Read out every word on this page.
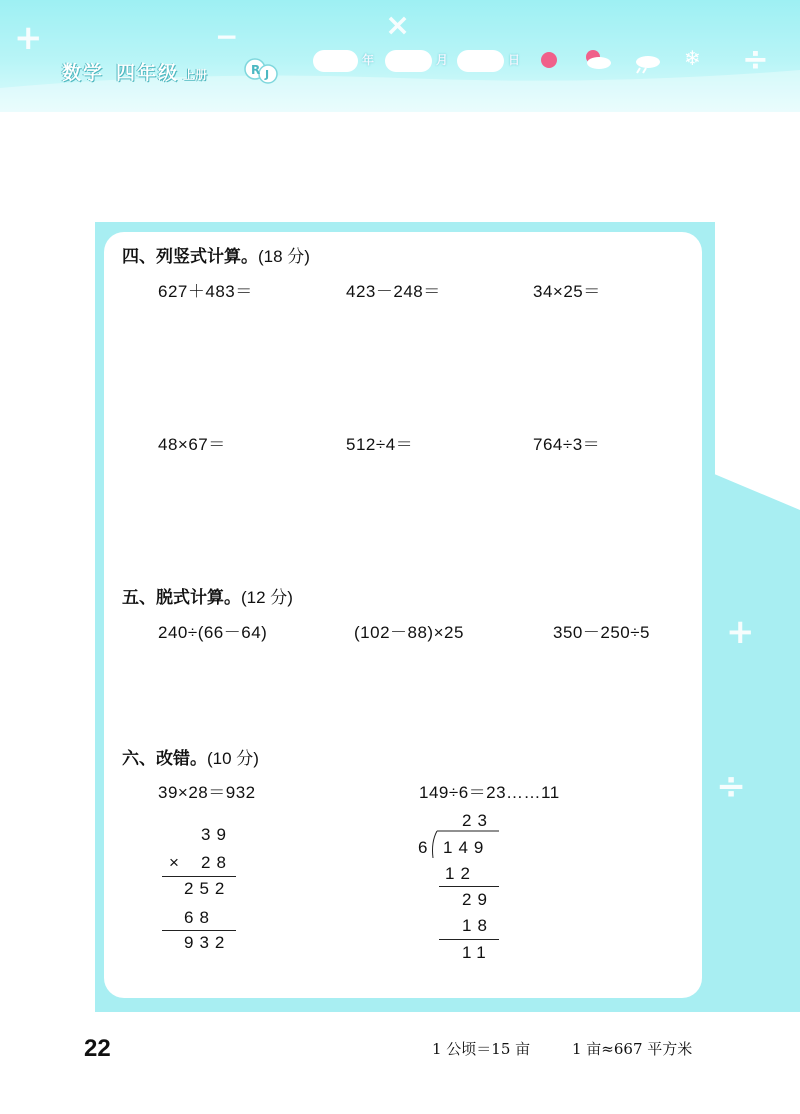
+	−	×
÷
数学 四年级 上册	R J
年	月	日	❄
+
÷
四、列竖式计算。(18 分)
627＋483＝	423－248＝	34×25＝
48×67＝	512÷4＝	764÷3＝
五、脱式计算。(12 分)
240÷(66－64)	(102－88)×25	350－250÷5
六、改错。(10 分)
39×28＝932	149÷6＝23……11
39
× 28
252
68
932
23
6 149
12
29
18
11
22	1 公顷＝15 亩	1 亩≈667 平方米
